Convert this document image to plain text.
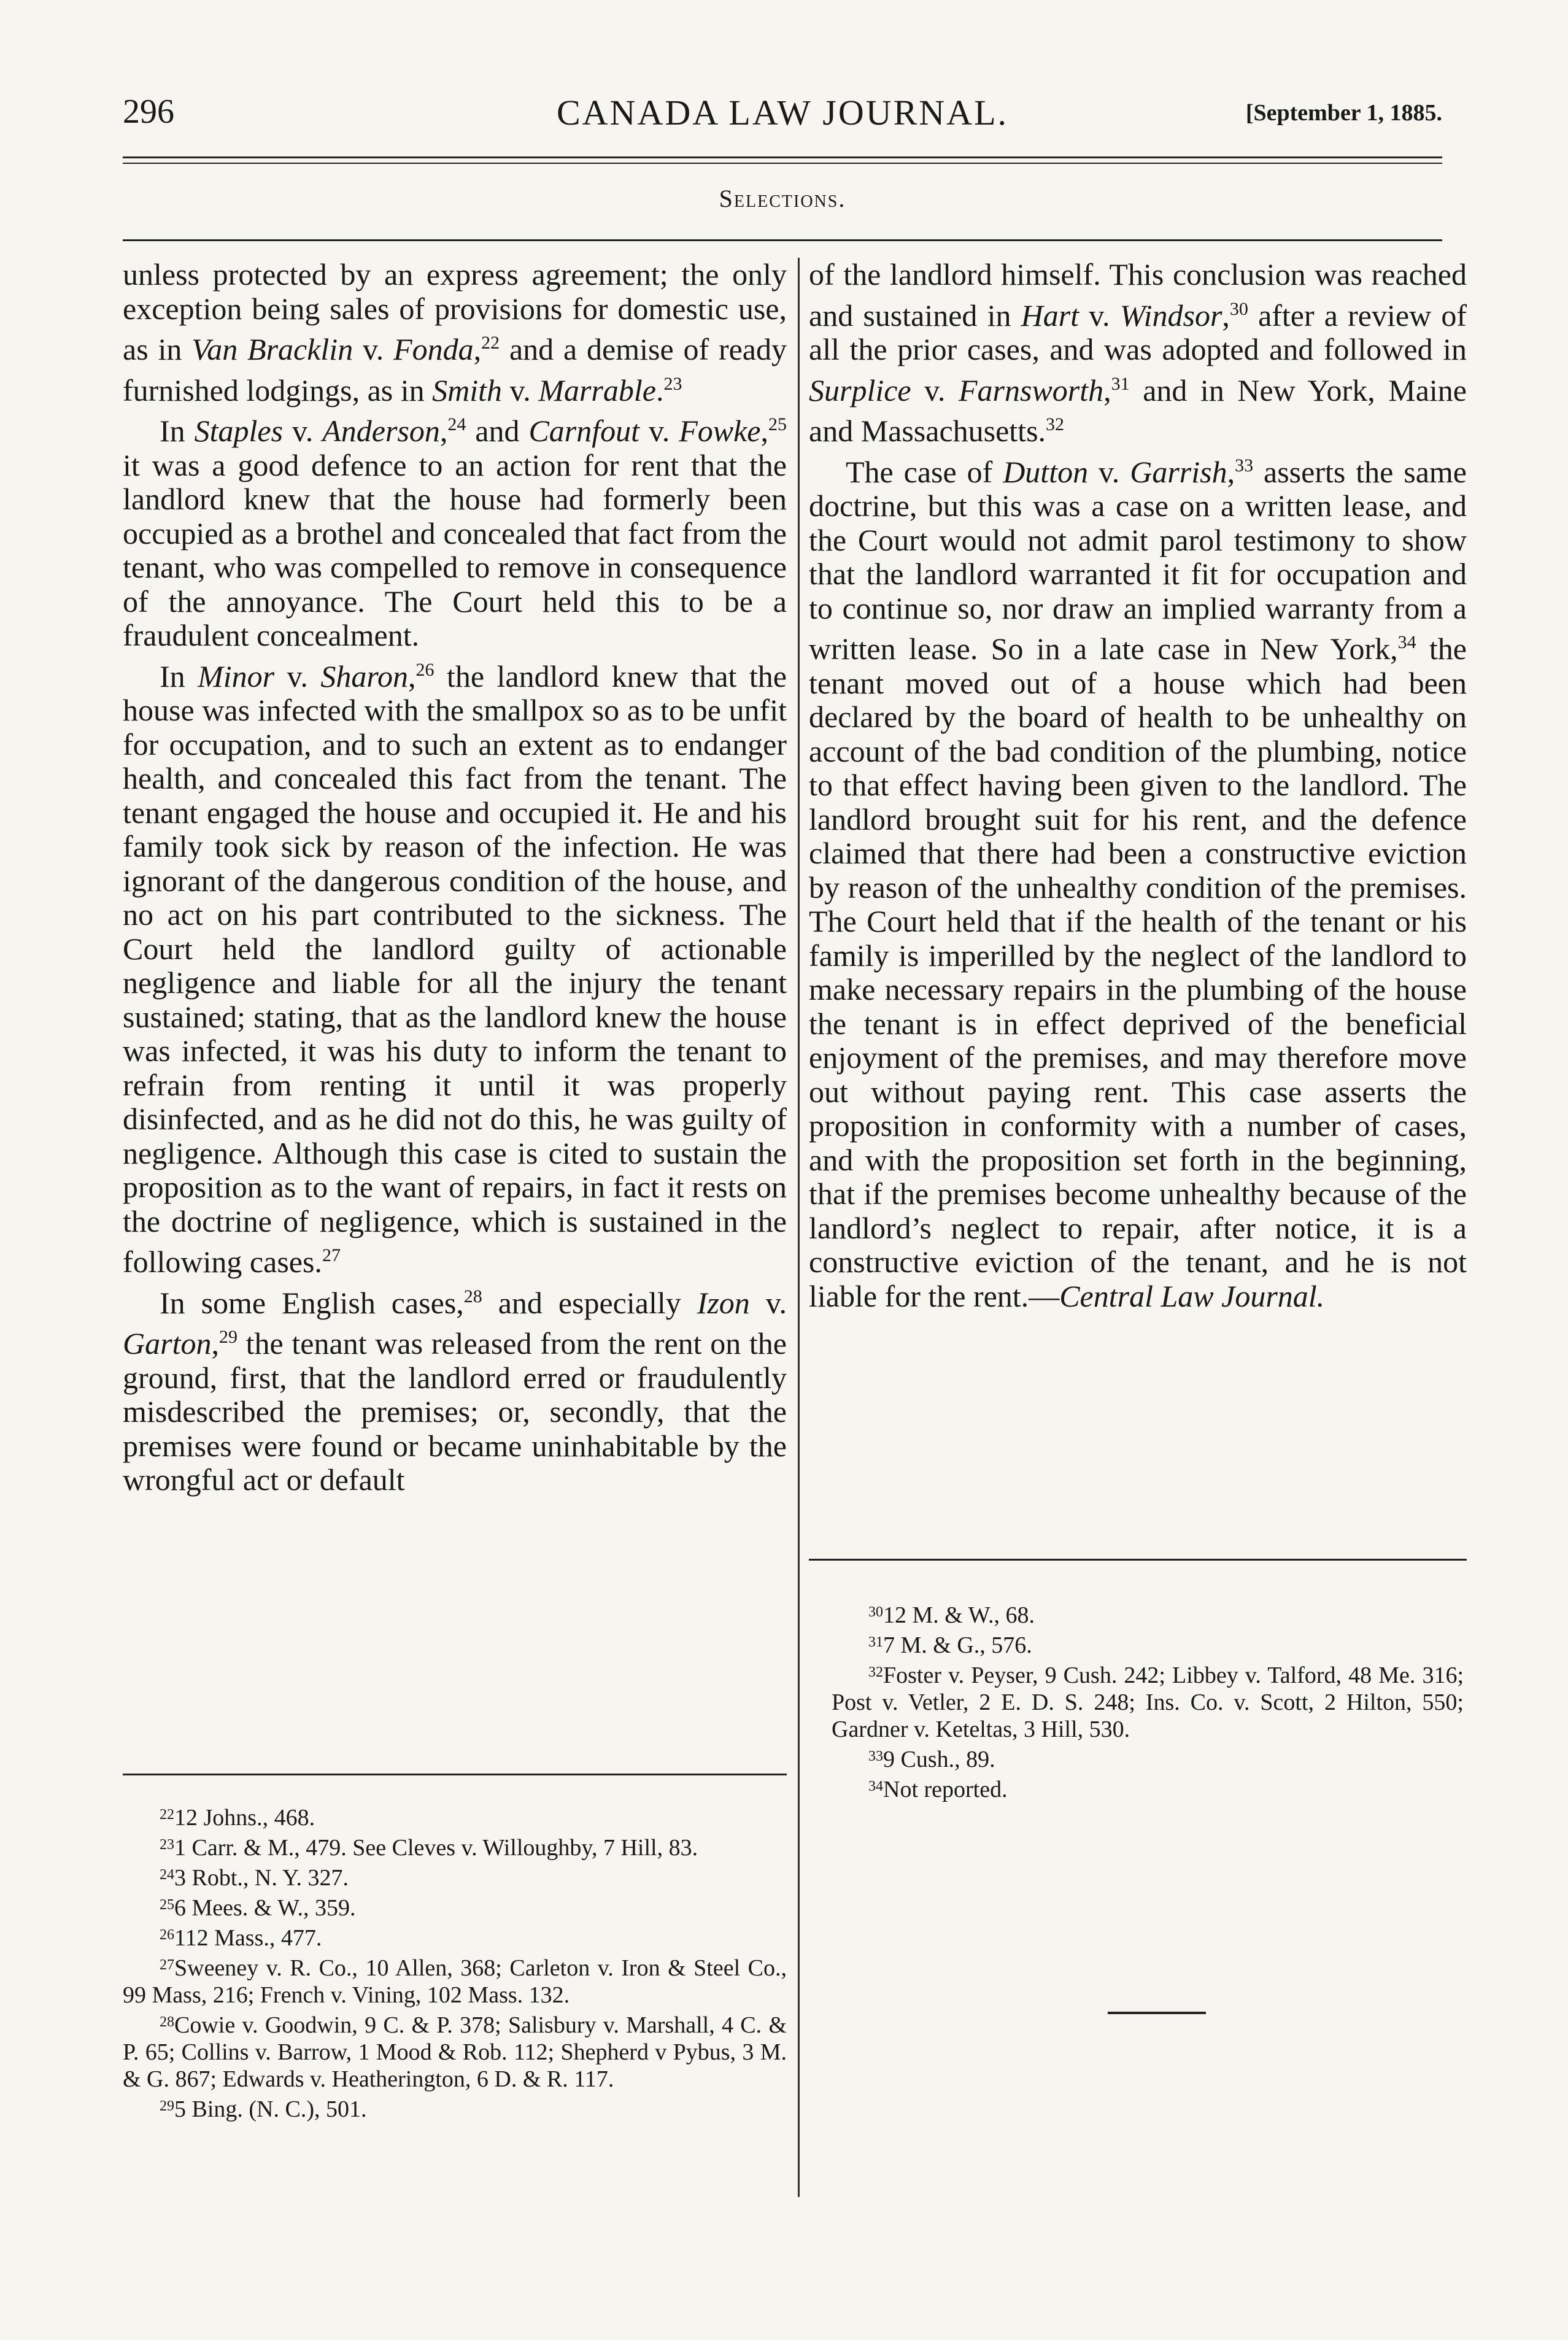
296	CANADA LAW JOURNAL.	[September 1, 1885.
Selections.

unless protected by an express agreement; the only exception being sales of provisions for domestic use, as in Van Bracklin v. Fonda,$^{22}$ and a demise of ready furnished lodgings, as in Smith v. Marrable.$^{23}$

In Staples v. Anderson,$^{24}$ and Carnfout v. Fowke,$^{25}$ it was a good defence to an action for rent that the landlord knew that the house had formerly been occupied as a brothel and concealed that fact from the tenant, who was compelled to remove in consequence of the annoyance. The Court held this to be a fraudulent concealment.

In Minor v. Sharon,$^{26}$ the landlord knew that the house was infected with the smallpox so as to be unfit for occupation, and to such an extent as to endanger health, and concealed this fact from the tenant. The tenant engaged the house and occupied it. He and his family took sick by reason of the infection. He was ignorant of the dangerous condition of the house, and no act on his part contributed to the sickness. The Court held the landlord guilty of actionable negligence and liable for all the injury the tenant sustained; stating, that as the landlord knew the house was infected, it was his duty to inform the tenant to refrain from renting it until it was properly disinfected, and as he did not do this, he was guilty of negligence. Although this case is cited to sustain the proposition as to the want of repairs, in fact it rests on the doctrine of negligence, which is sustained in the following cases.$^{27}$

In some English cases,$^{28}$ and especially Izon v. Garton,$^{29}$ the tenant was released from the rent on the ground, first, that the landlord erred or fraudulently misdescribed the premises; or, secondly, that the premises were found or became uninhabitable by the wrongful act or default

of the landlord himself. This conclusion was reached and sustained in Hart v. Windsor,$^{30}$ after a review of all the prior cases, and was adopted and followed in Surplice v. Farnsworth,$^{31}$ and in New York, Maine and Massachusetts.$^{32}$

The case of Dutton v. Garrish,$^{33}$ asserts the same doctrine, but this was a case on a written lease, and the Court would not admit parol testimony to show that the landlord warranted it fit for occupation and to continue so, nor draw an implied warranty from a written lease. So in a late case in New York,$^{34}$ the tenant moved out of a house which had been declared by the board of health to be unhealthy on account of the bad condition of the plumbing, notice to that effect having been given to the landlord. The landlord brought suit for his rent, and the defence claimed that there had been a constructive eviction by reason of the unhealthy condition of the premises. The Court held that if the health of the tenant or his family is imperilled by the neglect of the landlord to make necessary repairs in the plumbing of the house the tenant is in effect deprived of the beneficial enjoyment of the premises, and may therefore move out without paying rent. This case asserts the proposition in conformity with a number of cases, and with the proposition set forth in the beginning, that if the premises become unhealthy because of the landlord’s neglect to repair, after notice, it is a constructive eviction of the tenant, and he is not liable for the rent.—Central Law Journal.

$^{22}$12 Johns., 468.

$^{23}$1 Carr. & M., 479. See Cleves v. Willoughby, 7 Hill, 83.

$^{24}$3 Robt., N. Y. 327.

$^{25}$6 Mees. & W., 359.

$^{26}$112 Mass., 477.

$^{27}$Sweeney v. R. Co., 10 Allen, 368; Carleton v. Iron & Steel Co., 99 Mass, 216; French v. Vining, 102 Mass. 132.

$^{28}$Cowie v. Goodwin, 9 C. & P. 378; Salisbury v. Marshall, 4 C. & P. 65; Collins v. Barrow, 1 Mood & Rob. 112; Shepherd v Pybus, 3 M. & G. 867; Edwards v. Heatherington, 6 D. & R. 117.

$^{29}$5 Bing. (N. C.), 501.

$^{30}$12 M. & W., 68.

$^{31}$7 M. & G., 576.

$^{32}$Foster v. Peyser, 9 Cush. 242; Libbey v. Talford, 48 Me. 316; Post v. Vetler, 2 E. D. S. 248; Ins. Co. v. Scott, 2 Hilton, 550; Gardner v. Keteltas, 3 Hill, 530.

$^{33}$9 Cush., 89.

$^{34}$Not reported.
